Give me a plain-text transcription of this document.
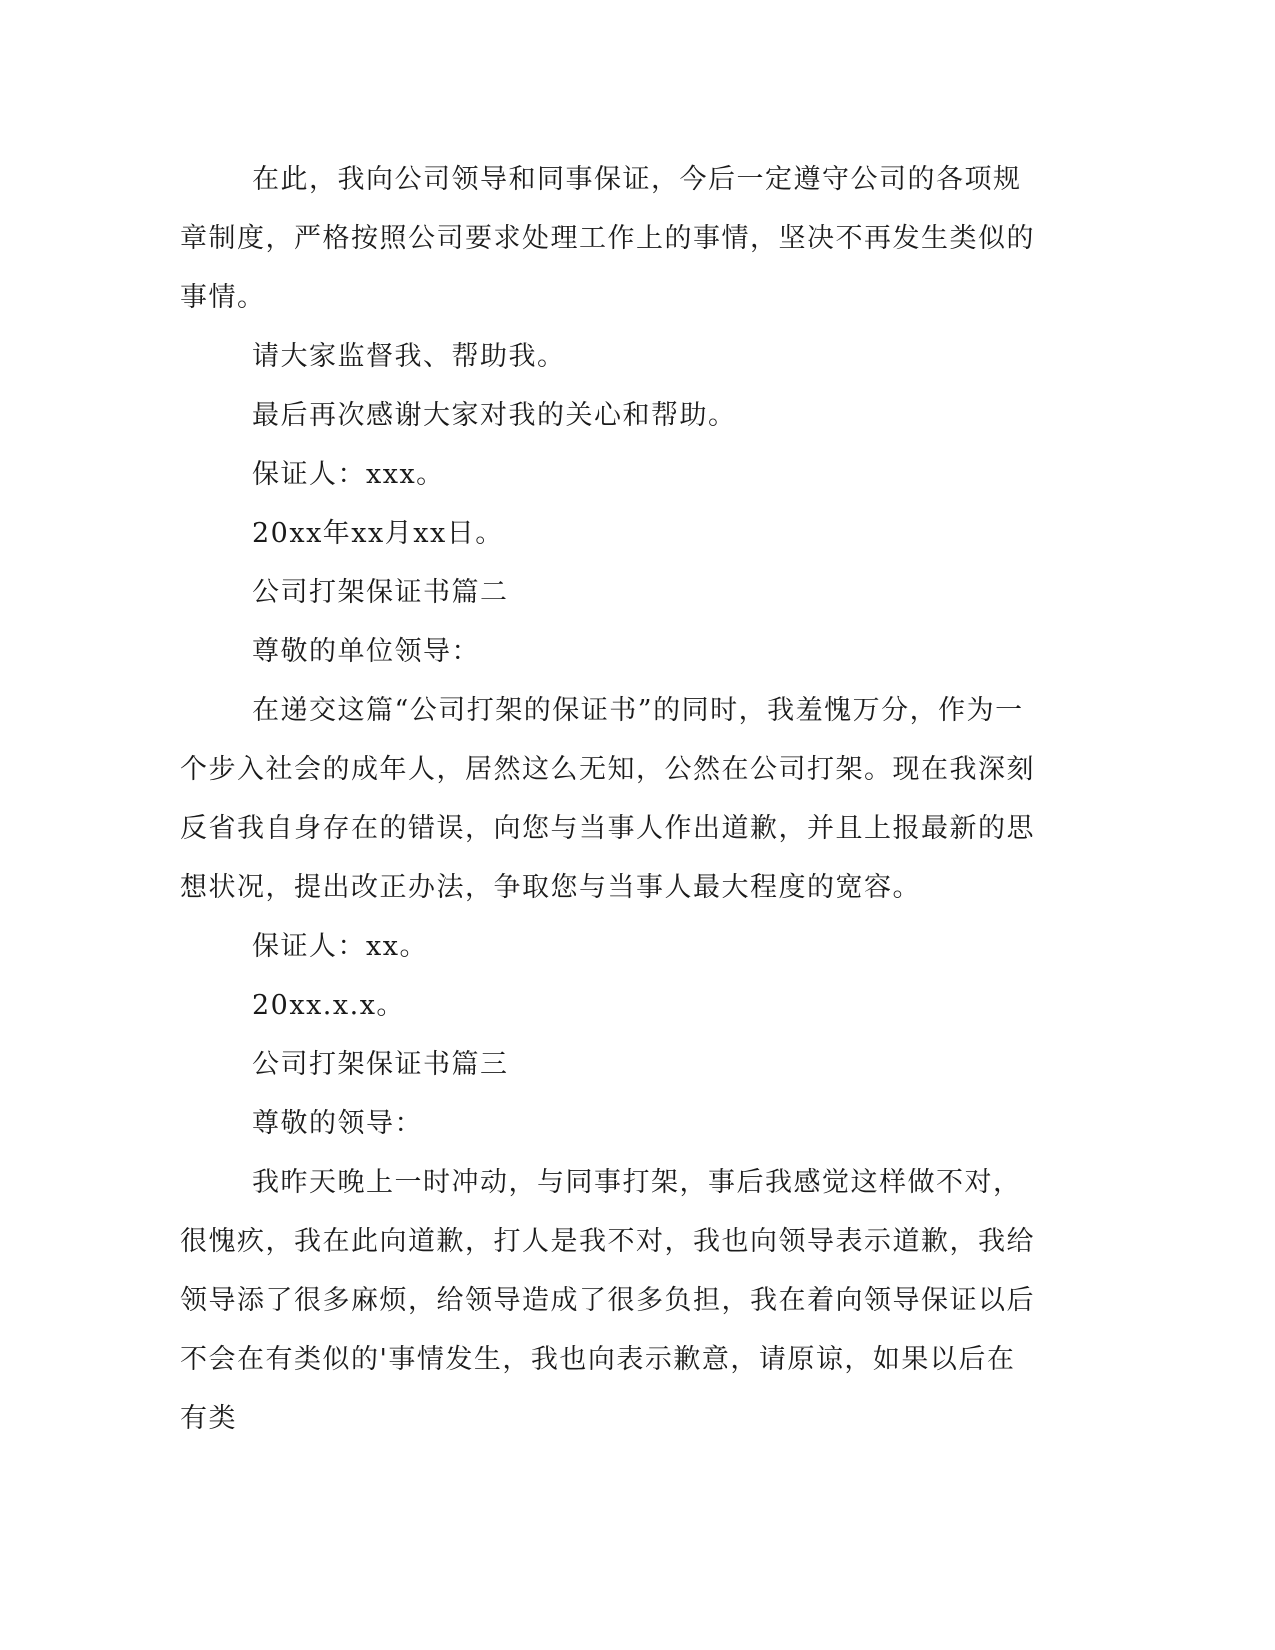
在此，我向公司领导和同事保证，今后一定遵守公司的各项规章制度，严格按照公司要求处理工作上的事情，坚决不再发生类似的事情。

请大家监督我、帮助我。

最后再次感谢大家对我的关心和帮助。

保证人：xxx。

20xx年xx月xx日。

公司打架保证书篇二

尊敬的单位领导：

在递交这篇“公司打架的保证书”的同时，我羞愧万分，作为一个步入社会的成年人，居然这么无知，公然在公司打架。现在我深刻反省我自身存在的错误，向您与当事人作出道歉，并且上报最新的思想状况，提出改正办法，争取您与当事人最大程度的宽容。

保证人：xx。

20xx.x.x。

公司打架保证书篇三

尊敬的领导：

我昨天晚上一时冲动，与同事打架，事后我感觉这样做不对，很愧疚，我在此向道歉，打人是我不对，我也向领导表示道歉，我给领导添了很多麻烦，给领导造成了很多负担，我在着向领导保证以后不会在有类似的'事情发生，我也向表示歉意，请原谅，如果以后在有类
